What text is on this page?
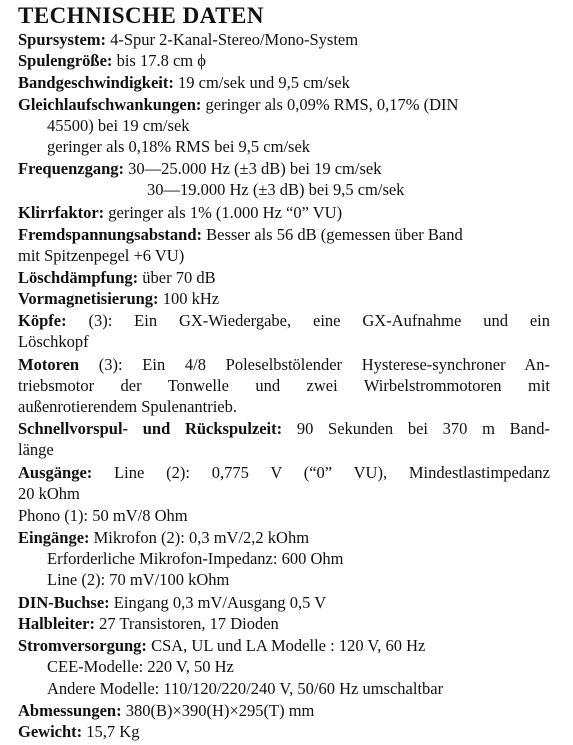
TECHNISCHE DATEN
Spursystem: 4-Spur 2-Kanal-Stereo/Mono-System
Spulengröße: bis 17.8 cm ϕ
Bandgeschwindigkeit: 19 cm/sek und 9,5 cm/sek
Gleichlaufschwankungen: geringer als 0,09% RMS, 0,17% (DIN
45500) bei 19 cm/sek
geringer als 0,18% RMS bei 9,5 cm/sek
Frequenzgang: 30—25.000 Hz (±3 dB) bei 19 cm/sek
30—19.000 Hz (±3 dB) bei 9,5 cm/sek
Klirrfaktor: geringer als 1% (1.000 Hz “0” VU)
Fremdspannungsabstand: Besser als 56 dB (gemessen über Band
mit Spitzenpegel +6 VU)
Löschdämpfung: über 70 dB
Vormagnetisierung: 100 kHz
Köpfe: (3): Ein GX-Wiedergabe, eine GX-Aufnahme und ein
Löschkopf
Motoren (3): Ein 4/8 Poleselbstölender Hysterese-synchroner An-
triebsmotor der Tonwelle und zwei Wirbelstrommotoren mit
außenrotierendem Spulenantrieb.
Schnellvorspul- und Rückspulzeit: 90 Sekunden bei 370 m Band-
länge
Ausgänge: Line (2): 0,775 V (“0” VU), Mindestlastimpedanz
20 kOhm
Phono (1): 50 mV/8 Ohm
Eingänge: Mikrofon (2): 0,3 mV/2,2 kOhm
Erforderliche Mikrofon-Impedanz: 600 Ohm
Line (2): 70 mV/100 kOhm
DIN-Buchse: Eingang 0,3 mV/Ausgang 0,5 V
Halbleiter: 27 Transistoren, 17 Dioden
Stromversorgung: CSA, UL und LA Modelle : 120 V, 60 Hz
CEE-Modelle: 220 V, 50 Hz
Andere Modelle: 110/120/220/240 V, 50/60 Hz umschaltbar
Abmessungen: 380(B)×390(H)×295(T) mm
Gewicht: 15,7 Kg
